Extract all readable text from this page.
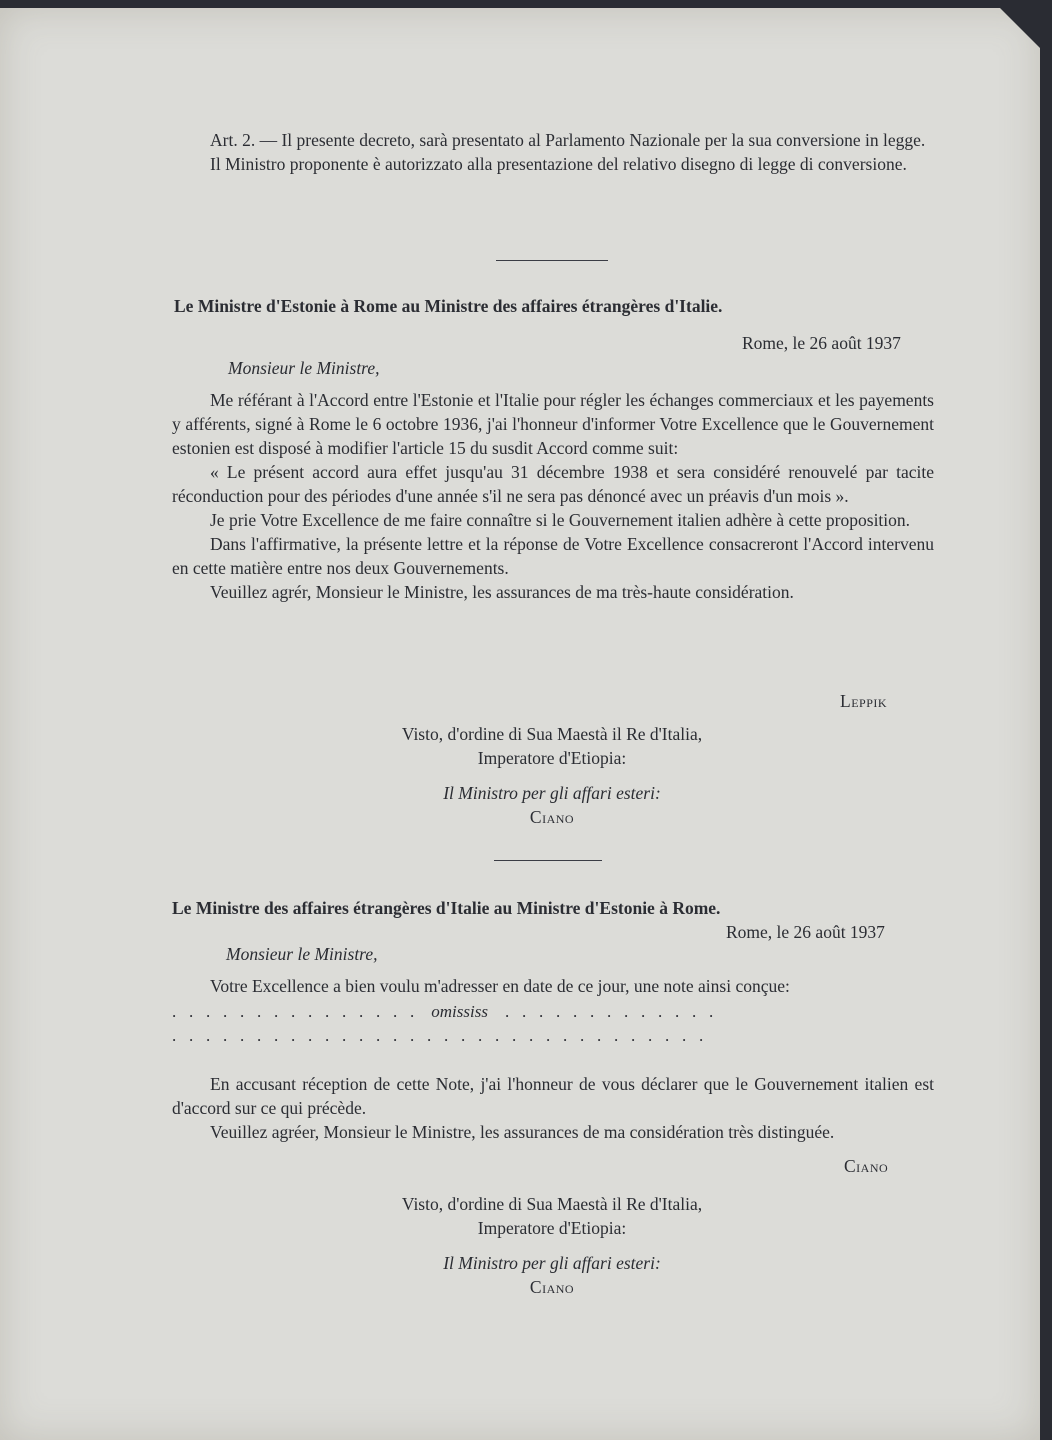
Art. 2. — Il presente decreto, sarà presentato al Parlamento Nazionale per la sua conversione in legge.

Il Ministro proponente è autorizzato alla presentazione del relativo disegno di legge di conversione.

Le Ministre d'Estonie à Rome au Ministre des affaires étrangères d'Italie.
Rome, le 26 août 1937
Monsieur le Ministre,

Me référant à l'Accord entre l'Estonie et l'Italie pour régler les échanges commerciaux et les payements y afférents, signé à Rome le 6 octobre 1936, j'ai l'honneur d'informer Votre Excellence que le Gouvernement estonien est disposé à modifier l'article 15 du susdit Accord comme suit:

« Le présent accord aura effet jusqu'au 31 décembre 1938 et sera considéré renouvelé par tacite réconduction pour des périodes d'une année s'il ne sera pas dénoncé avec un préavis d'un mois ».

Je prie Votre Excellence de me faire connaître si le Gouvernement italien adhère à cette proposition.

Dans l'affirmative, la présente lettre et la réponse de Votre Excellence consacreront l'Accord intervenu en cette matière entre nos deux Gouvernements.

Veuillez agrér, Monsieur le Ministre, les assurances de ma très-haute considération.

Leppik
Visto, d'ordine di Sua Maestà il Re d'Italia,
Imperatore d'Etiopia:
Il Ministro per gli affari esteri:
Ciano
Le Ministre des affaires étrangères d'Italie au Ministre d'Estonie à Rome.
Rome, le 26 août 1937
Monsieur le Ministre,

Votre Excellence a bien voulu m'adresser en date de ce jour, une note ainsi conçue:

.   .   .   .   .   .   .   .   .   .   .   .   .   .   .    omississ    .   .   .   .   .   .   .   .   .   .   .   .   .
.   .   .   .   .   .   .   .   .   .   .   .   .   .   .   .   .   .   .   .   .   .   .   .   .   .   .   .   .   .   .   .

En accusant réception de cette Note, j'ai l'honneur de vous déclarer que le Gouvernement italien est d'accord sur ce qui précède.

Veuillez agréer, Monsieur le Ministre, les assurances de ma considération très distinguée.

Ciano
Visto, d'ordine di Sua Maestà il Re d'Italia,
Imperatore d'Etiopia:
Il Ministro per gli affari esteri:
Ciano
